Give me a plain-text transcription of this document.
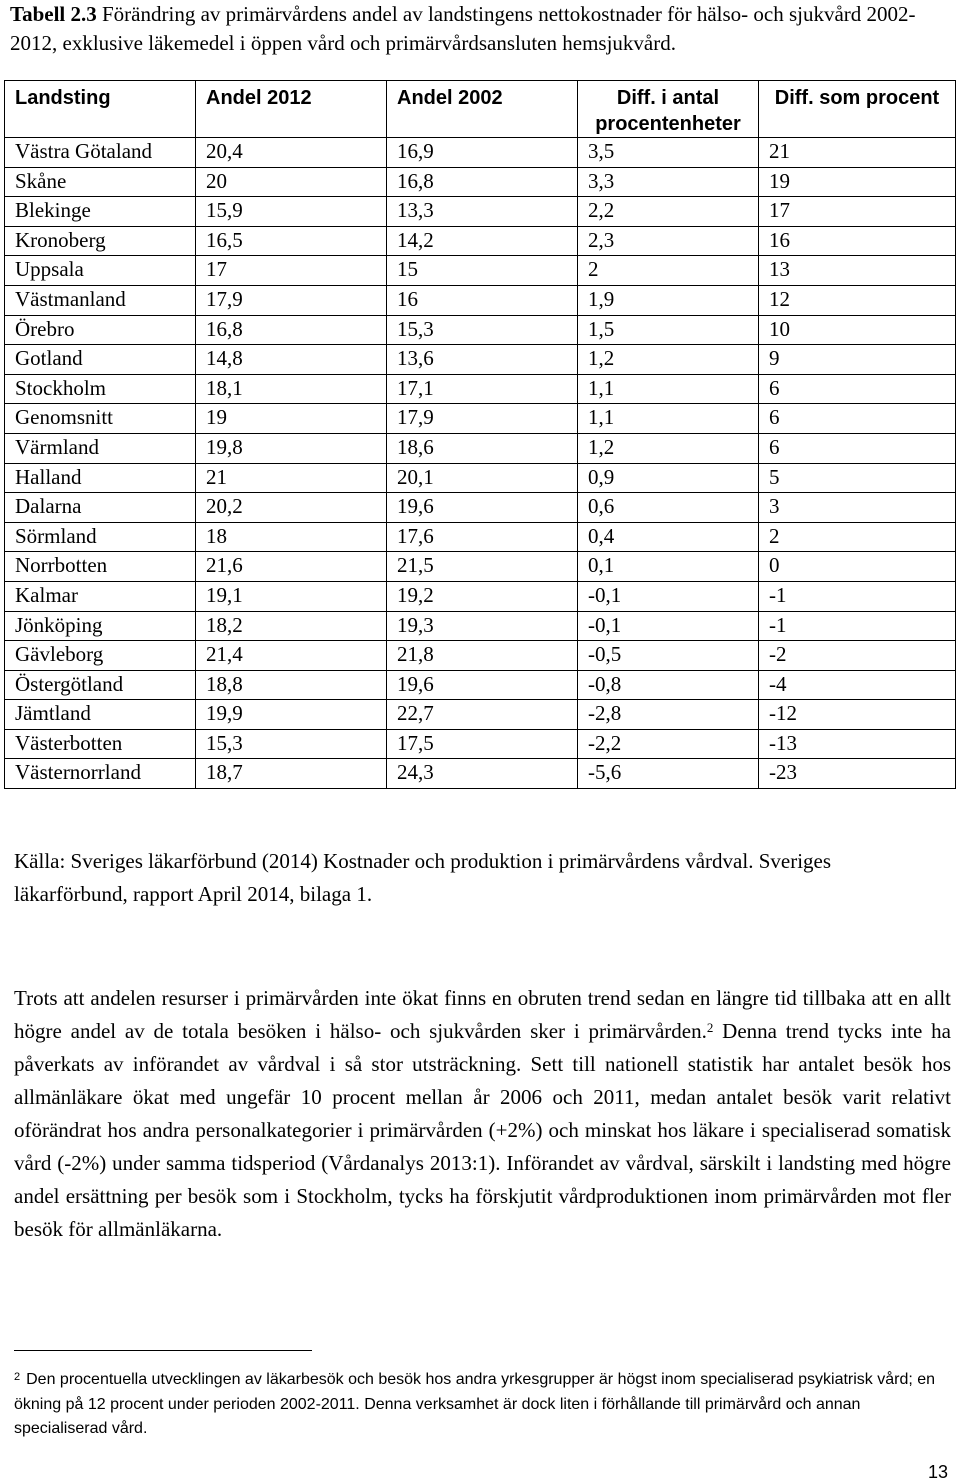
Tabell 2.3 Förändring av primärvårdens andel av landstingens nettokostnader för hälso- och sjukvård 2002-2012, exklusive läkemedel i öppen vård och primärvårdsansluten hemsjukvård.
Landsting	Andel 2012	Andel 2002	Diff. i antal procentenheter	Diff. som procent
Västra Götaland	20,4	16,9	3,5	21
Skåne	20	16,8	3,3	19
Blekinge	15,9	13,3	2,2	17
Kronoberg	16,5	14,2	2,3	16
Uppsala	17	15	2	13
Västmanland	17,9	16	1,9	12
Örebro	16,8	15,3	1,5	10
Gotland	14,8	13,6	1,2	9
Stockholm	18,1	17,1	1,1	6
Genomsnitt	19	17,9	1,1	6
Värmland	19,8	18,6	1,2	6
Halland	21	20,1	0,9	5
Dalarna	20,2	19,6	0,6	3
Sörmland	18	17,6	0,4	2
Norrbotten	21,6	21,5	0,1	0
Kalmar	19,1	19,2	-0,1	-1
Jönköping	18,2	19,3	-0,1	-1
Gävleborg	21,4	21,8	-0,5	-2
Östergötland	18,8	19,6	-0,8	-4
Jämtland	19,9	22,7	-2,8	-12
Västerbotten	15,3	17,5	-2,2	-13
Västernorrland	18,7	24,3	-5,6	-23
Källa: Sveriges läkarförbund (2014) Kostnader och produktion i primärvårdens vårdval. Sveriges läkarförbund, rapport April 2014, bilaga 1.
Trots att andelen resurser i primärvården inte ökat finns en obruten trend sedan en längre tid tillbaka att en allt högre andel av de totala besöken i hälso- och sjukvården sker i primärvården.$^2$ Denna trend tycks inte ha påverkats av införandet av vårdval i så stor utsträckning. Sett till nationell statistik har antalet besök hos allmänläkare ökat med ungefär 10 procent mellan år 2006 och 2011, medan antalet besök varit relativt oförändrat hos andra personalkategorier i primärvården (+2%) och minskat hos läkare i specialiserad somatisk vård (-2%) under samma tidsperiod (Vårdanalys 2013:1). Införandet av vårdval, särskilt i landsting med högre andel ersättning per besök som i Stockholm, tycks ha förskjutit vårdproduktionen inom primärvården mot fler besök för allmänläkarna.
$^2$ Den procentuella utvecklingen av läkarbesök och besök hos andra yrkesgrupper är högst inom specialiserad psykiatrisk vård; en ökning på 12 procent under perioden 2002-2011. Denna verksamhet är dock liten i förhållande till primärvård och annan specialiserad vård.
13
